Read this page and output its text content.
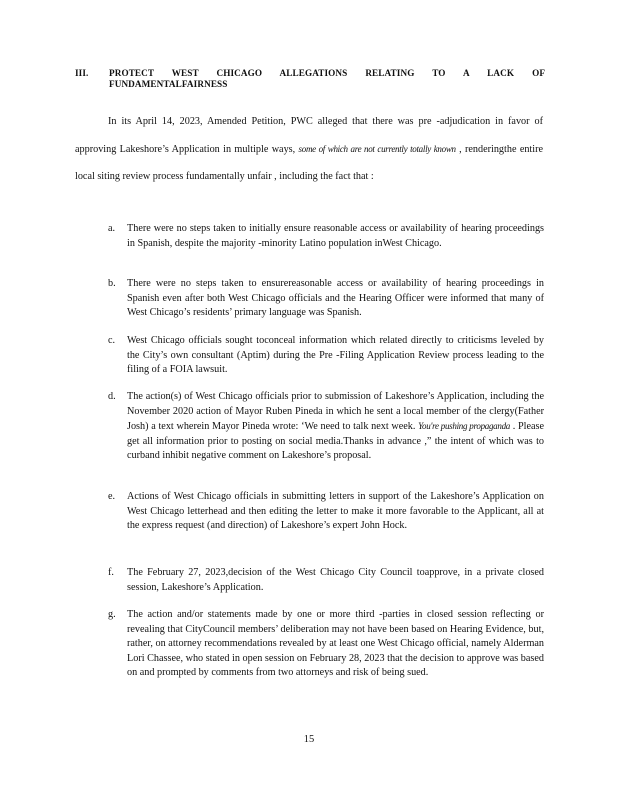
III. PROTECT WEST CHICAGO ALLEGATIONS RELATING TO A LACK OF
FUNDAMENTAL FAIRNESS

In its April 14, 2023, Amended Petition, PWC alleged that there was pre -adjudication in favor of approving Lakeshore’s Application in multiple ways, some of which are not currently totally known , renderingthe entire local siting review process fundamentally unfair , including the fact that :

a.	There were no steps taken to initially ensure reasonable access or availability of hearing proceedings in Spanish, despite the majority -minority Latino population inWest Chicago.
b.	There were no steps taken to ensurereasonable access or availability of hearing proceedings in Spanish even after both West Chicago officials and the Hearing Officer were informed that many of West Chicago’s residents’ primary language was Spanish.
c.	West Chicago officials sought toconceal information which related directly to criticisms leveled by the City’s own consultant (Aptim) during the Pre -Filing Application Review process leading to the filing of a FOIA lawsuit.
d.	The action(s) of West Chicago officials prior to submission of Lakeshore’s Application, including the November 2020 action of Mayor Ruben Pineda in which he sent a local member of the clergy(Father Josh) a text wherein Mayor Pineda wrote: ‘We need to talk next week. You're pushing propaganda . Please get all information prior to posting on social media.Thanks in advance ,” the intent of which was to curband inhibit negative comment on Lakeshore’s proposal.
e.	Actions of West Chicago officials in submitting letters in support of the Lakeshore’s Application on West Chicago letterhead and then editing the letter to make it more favorable to the Applicant, all at the express request (and direction) of Lakeshore’s expert John Hock.
f.	The February 27, 2023,decision of the West Chicago City Council toapprove, in a private closed session, Lakeshore’s Application.
g.	The action and/or statements made by one or more third -parties in closed session reflecting or revealing that CityCouncil members’ deliberation may not have been based on Hearing Evidence, but, rather, on attorney recommendations revealed by at least one West Chicago official, namely Alderman Lori Chassee, who stated in open session on February 28, 2023 that the decision to approve was based on and prompted by comments from two attorneys and risk of being sued.
15
